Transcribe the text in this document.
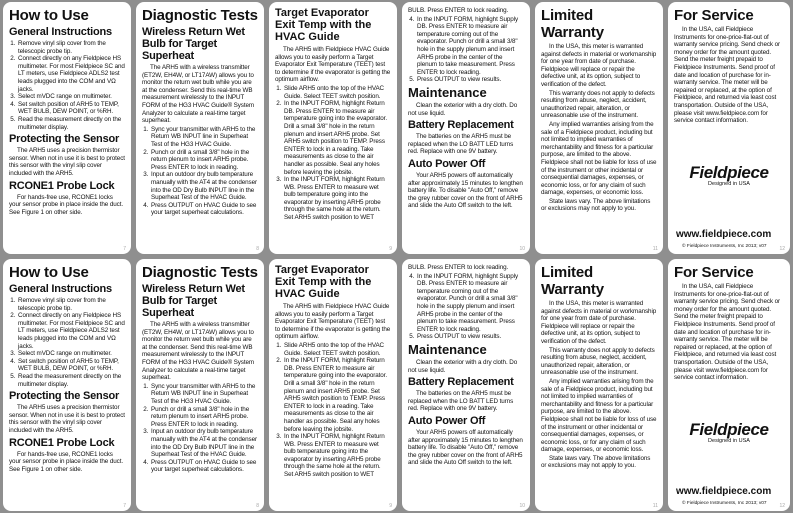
How to Use
General Instructions
1. Remove vinyl slip cover from the telescopic probe tip.
2. Connect directly on any Fieldpiece HS multimeter. For most Fieldpiece SC and LT meters, use Fieldpiece ADLS2 test leads plugged into the COM and VΩ jacks.
3. Select mVDC range on multimeter.
4. Set switch position of ARH5 to TEMP, WET BULB, DEW POINT, or %RH.
5. Read the measurement directly on the multimeter display.
Protecting the Sensor

The ARH5 uses a precision thermistor sensor. When not in use it is best to protect this sensor with the vinyl slip cover included with the ARH5.

RCONE1 Probe Lock

For hands-free use, RCONE1 locks your sensor probe in place inside the duct. See Figure 1 on other side.

7
Diagnostic Tests
Wireless Return Wet Bulb for Target Superheat

The ARH5 with a wireless transmitter (ET2W, EH4W, or LT17AW) allows you to monitor the return wet bulb while you are at the condenser. Send this real-time WB measurement wirelessly to the INPUT FORM of the HG3 HVAC Guide® System Analyzer to calculate a real-time target superheat.

1. Sync your transmitter with ARH5 to the Return WB INPUT line in Superheat Test of the HG3 HVAC Guide.
2. Punch or drill a small 3/8" hole in the return plenum to insert ARH5 probe. Press ENTER to lock in reading.
3. Input an outdoor dry bulb temperature manually with the AT4 at the condenser into the OD Dry Bulb INPUT line in the Superheat Test of the HVAC Guide.
4. Press OUTPUT on HVAC Guide to see your target superheat calculations.
8
Target Evaporator Exit Temp with the HVAC Guide

The ARH5 with Fieldpiece HVAC Guide allows you to easily perform a Target Evaporator Exit Temperature (TEET) test to determine if the evaporator is getting the optimum airflow.

1. Slide ARH5 onto the top of the HVAC Guide. Select TEET switch position.
2. In the INPUT FORM, highlight Return DB. Press ENTER to measure air temperature going into the evaporator. Drill a small 3/8" hole in the return plenum and insert ARH5 probe. Set ARH5 switch position to TEMP. Press ENTER to lock in a reading. Take measurements as close to the air handler as possible. Seal any holes before leaving the jobsite.
3. In the INPUT FORM, highlight Return WB. Press ENTER to measure wet bulb temperature going into the evaporator by inserting ARH5 probe through the same hole at the return. Set ARH5 switch position to WET
9

BULB. Press ENTER to lock reading.

4. In the INPUT FORM, highlight Supply DB. Press ENTER to measure air temperature coming out of the evaporator. Punch or drill a small 3/8" hole in the supply plenum and insert ARH5 probe in the center of the plenum to take measurement. Press ENTER to lock reading.
5. Press OUTPUT to view results.
Maintenance

Clean the exterior with a dry cloth. Do not use liquid.

Battery Replacement

The batteries on the ARH5 must be replaced when the LO BATT LED turns red. Replace with one 9V battery.

Auto Power Off

Your ARH5 powers off automatically after approximately 15 minutes to lengthen battery life. To disable "Auto Off," remove the grey rubber cover on the front of ARH5 and slide the Auto Off switch to the left.

10
Limited Warranty

In the USA, this meter is warranted against defects in material or workmanship for one year from date of purchase. Fieldpiece will replace or repair the defective unit, at its option, subject to verification of the defect.

This warranty does not apply to defects resulting from abuse, neglect, accident, unauthorized repair, alteration, or unreasonable use of the instrument.

Any implied warranties arising from the sale of a Fieldpiece product, including but not limited to implied warranties of merchantability and fitness for a particular purpose, are limited to the above. Fieldpiece shall not be liable for loss of use of the instrument or other incidental or consequential damages, expenses, or economic loss, or for any claim of such damage, expenses, or economic loss.

State laws vary. The above limitations or exclusions may not apply to you.

11
For Service

In the USA, call Fieldpiece Instruments for one-price-flat-out of warranty service pricing. Send check or money order for the amount quoted. Send the meter freight prepaid to Fieldpiece Instruments. Send proof of date and location of purchase for in-warranty service. The meter will be repaired or replaced, at the option of Fieldpiece, and returned via least cost transportation. Outside of the USA, please visit www.fieldpiece.com for service contact information.

Fieldpiece
Designed in USA
www.fieldpiece.com
© Fieldpiece Instruments, Inc 2013; v07	12
How to Use
General Instructions
1. Remove vinyl slip cover from the telescopic probe tip.
2. Connect directly on any Fieldpiece HS multimeter. For most Fieldpiece SC and LT meters, use Fieldpiece ADLS2 test leads plugged into the COM and VΩ jacks.
3. Select mVDC range on multimeter.
4. Set switch position of ARH5 to TEMP, WET BULB, DEW POINT, or %RH.
5. Read the measurement directly on the multimeter display.
Protecting the Sensor

The ARH5 uses a precision thermistor sensor. When not in use it is best to protect this sensor with the vinyl slip cover included with the ARH5.

RCONE1 Probe Lock

For hands-free use, RCONE1 locks your sensor probe in place inside the duct. See Figure 1 on other side.

7
Diagnostic Tests
Wireless Return Wet Bulb for Target Superheat

The ARH5 with a wireless transmitter (ET2W, EH4W, or LT17AW) allows you to monitor the return wet bulb while you are at the condenser. Send this real-time WB measurement wirelessly to the INPUT FORM of the HG3 HVAC Guide® System Analyzer to calculate a real-time target superheat.

1. Sync your transmitter with ARH5 to the Return WB INPUT line in Superheat Test of the HG3 HVAC Guide.
2. Punch or drill a small 3/8" hole in the return plenum to insert ARH5 probe. Press ENTER to lock in reading.
3. Input an outdoor dry bulb temperature manually with the AT4 at the condenser into the OD Dry Bulb INPUT line in the Superheat Test of the HVAC Guide.
4. Press OUTPUT on HVAC Guide to see your target superheat calculations.
8
Target Evaporator Exit Temp with the HVAC Guide

The ARH5 with Fieldpiece HVAC Guide allows you to easily perform a Target Evaporator Exit Temperature (TEET) test to determine if the evaporator is getting the optimum airflow.

1. Slide ARH5 onto the top of the HVAC Guide. Select TEET switch position.
2. In the INPUT FORM, highlight Return DB. Press ENTER to measure air temperature going into the evaporator. Drill a small 3/8" hole in the return plenum and insert ARH5 probe. Set ARH5 switch position to TEMP. Press ENTER to lock in a reading. Take measurements as close to the air handler as possible. Seal any holes before leaving the jobsite.
3. In the INPUT FORM, highlight Return WB. Press ENTER to measure wet bulb temperature going into the evaporator by inserting ARH5 probe through the same hole at the return. Set ARH5 switch position to WET
9

BULB. Press ENTER to lock reading.

4. In the INPUT FORM, highlight Supply DB. Press ENTER to measure air temperature coming out of the evaporator. Punch or drill a small 3/8" hole in the supply plenum and insert ARH5 probe in the center of the plenum to take measurement. Press ENTER to lock reading.
5. Press OUTPUT to view results.
Maintenance

Clean the exterior with a dry cloth. Do not use liquid.

Battery Replacement

The batteries on the ARH5 must be replaced when the LO BATT LED turns red. Replace with one 9V battery.

Auto Power Off

Your ARH5 powers off automatically after approximately 15 minutes to lengthen battery life. To disable "Auto Off," remove the grey rubber cover on the front of ARH5 and slide the Auto Off switch to the left.

10
Limited Warranty

In the USA, this meter is warranted against defects in material or workmanship for one year from date of purchase. Fieldpiece will replace or repair the defective unit, at its option, subject to verification of the defect.

This warranty does not apply to defects resulting from abuse, neglect, accident, unauthorized repair, alteration, or unreasonable use of the instrument.

Any implied warranties arising from the sale of a Fieldpiece product, including but not limited to implied warranties of merchantability and fitness for a particular purpose, are limited to the above. Fieldpiece shall not be liable for loss of use of the instrument or other incidental or consequential damages, expenses, or economic loss, or for any claim of such damage, expenses, or economic loss.

State laws vary. The above limitations or exclusions may not apply to you.

11
For Service

In the USA, call Fieldpiece Instruments for one-price-flat-out of warranty service pricing. Send check or money order for the amount quoted. Send the meter freight prepaid to Fieldpiece Instruments. Send proof of date and location of purchase for in-warranty service. The meter will be repaired or replaced, at the option of Fieldpiece, and returned via least cost transportation. Outside of the USA, please visit www.fieldpiece.com for service contact information.

Fieldpiece
Designed in USA
www.fieldpiece.com
© Fieldpiece Instruments, Inc 2013; v07	12
